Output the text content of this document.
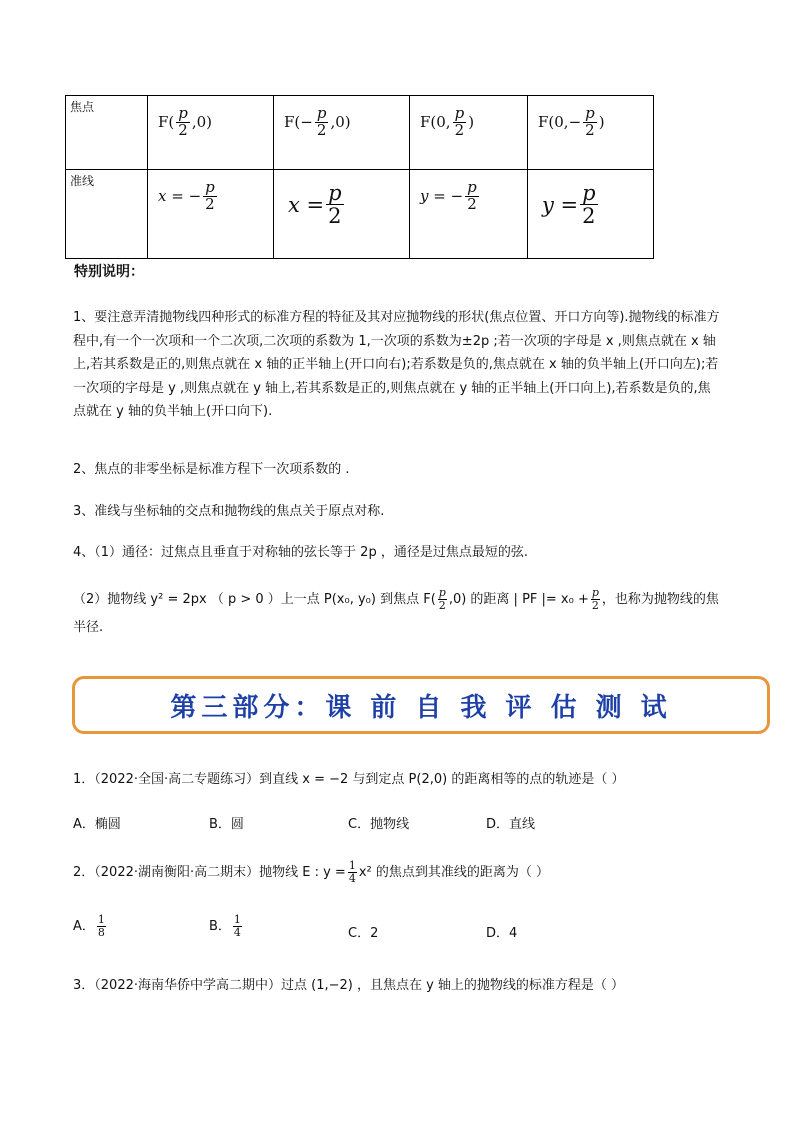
焦点	$F( \frac{p}{2} ,0)$	$F(- \frac{p}{2} ,0)$	F(0, $\frac{p}{2}$ )	$F(0,- \frac{p}{2}$ )

准线	x = − $\frac{p}{2}$	$x = \frac{p}{2}$	y = − $\frac{p}{2}$	$y = \frac{p}{2}$
特别说明：

1、要注意弄清抛物线四种形式的标准方程的特征及其对应抛物线的形状(焦点位置、开口方向等).抛物线的标准方程中,有一个一次项和一个二次项,二次项的系数为 1,一次项的系数为±2p ;若一次项的字母是 x ,则焦点就在 x 轴上,若其系数是正的,则焦点就在 x 轴的正半轴上(开口向右);若系数是负的,焦点就在 x 轴的负半轴上(开口向左);若一次项的字母是 y ,则焦点就在 y 轴上,若其系数是正的,则焦点就在 y 轴的正半轴上(开口向上),若系数是负的,焦点就在 y 轴的负半轴上(开口向下).

2、焦点的非零坐标是标准方程下一次项系数的 .

3、准线与坐标轴的交点和抛物线的焦点关于原点对称.

4、（1）通径：过焦点且垂直于对称轴的弦长等于 2p ，通径是过焦点最短的弦.

（2）抛物线 y² = 2px （ p > 0 ）上一点 P(x₀, y₀) 到焦点 $F( \frac{p}{2} ,0)$ 的距离 | PF |= $x_0 + \frac{p}{2}$ ，也称为抛物线的焦半径.

第三部分：课 前 自 我 评 估 测 试

1．（2022·全国·高二专题练习）到直线 x = −2 与到定点 P(2,0) 的距离相等的点的轨迹是（ ）

A．椭圆	B．圆	C．抛物线	D．直线

2．（2022·湖南衡阳·高二期末）抛物线 E : $y = \frac{1}{4} x^2$ 的焦点到其准线的距离为（ ）

A． $\frac{1}{8}$	B． $\frac{1}{4}$	C．2	D．4

3．（2022·海南华侨中学高二期中）过点 (1,−2) ，且焦点在 y 轴上的抛物线的标准方程是（ ）
